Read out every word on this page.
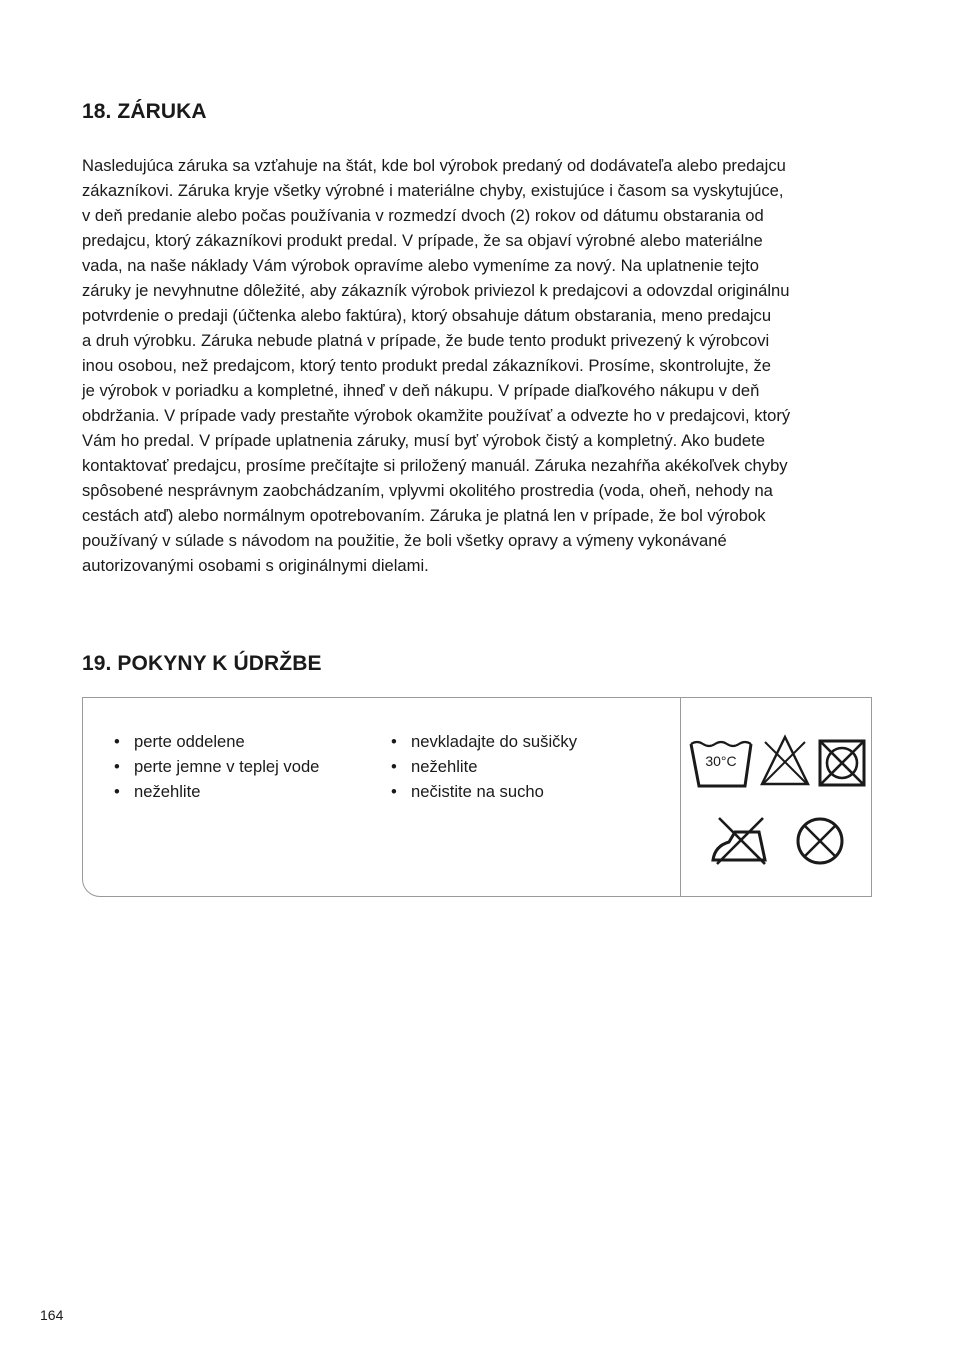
18. ZÁRUKA
Nasledujúca záruka sa vzťahuje na štát, kde bol výrobok predaný od dodávateľa alebo predajcu
zákazníkovi. Záruka kryje všetky výrobné i materiálne chyby, existujúce i časom sa vyskytujúce,
v deň predanie alebo počas používania v rozmedzí dvoch (2) rokov od dátumu obstarania od
predajcu, ktorý zákazníkovi produkt predal. V prípade, že sa objaví výrobné alebo materiálne
vada, na naše náklady Vám výrobok opravíme alebo vymeníme za nový. Na uplatnenie tejto
záruky je nevyhnutne dôležité, aby zákazník výrobok priviezol k predajcovi a odovzdal originálnu
potvrdenie o predaji (účtenka alebo faktúra), ktorý obsahuje dátum obstarania, meno predajcu
a druh výrobku. Záruka nebude platná v prípade, že bude tento produkt privezený k výrobcovi
inou osobou, než predajcom, ktorý tento produkt predal zákazníkovi. Prosíme, skontrolujte, že
je výrobok v poriadku a kompletné, ihneď v deň nákupu. V prípade diaľkového nákupu v deň
obdržania. V prípade vady prestaňte výrobok okamžite používať a odvezte ho v predajcovi, ktorý
Vám ho predal. V prípade uplatnenia záruky, musí byť výrobok čistý a kompletný. Ako budete
kontaktovať predajcu, prosíme prečítajte si priložený manuál. Záruka nezahŕňa akékoľvek chyby
spôsobené nesprávnym zaobchádzaním, vplyvmi okolitého prostredia (voda, oheň, nehody na
cestách atď) alebo normálnym opotrebovaním. Záruka je platná len v prípade, že bol výrobok
používaný v súlade s návodom na použitie, že boli všetky opravy a výmeny vykonávané
autorizovanými osobami s originálnymi dielami.
19. POKYNY K ÚDRŽBE
• perte oddelene
• perte jemne v teplej vode
• nežehlite
• nevkladajte do sušičky
• nežehlite
• nečistite na sucho
30°C

164
